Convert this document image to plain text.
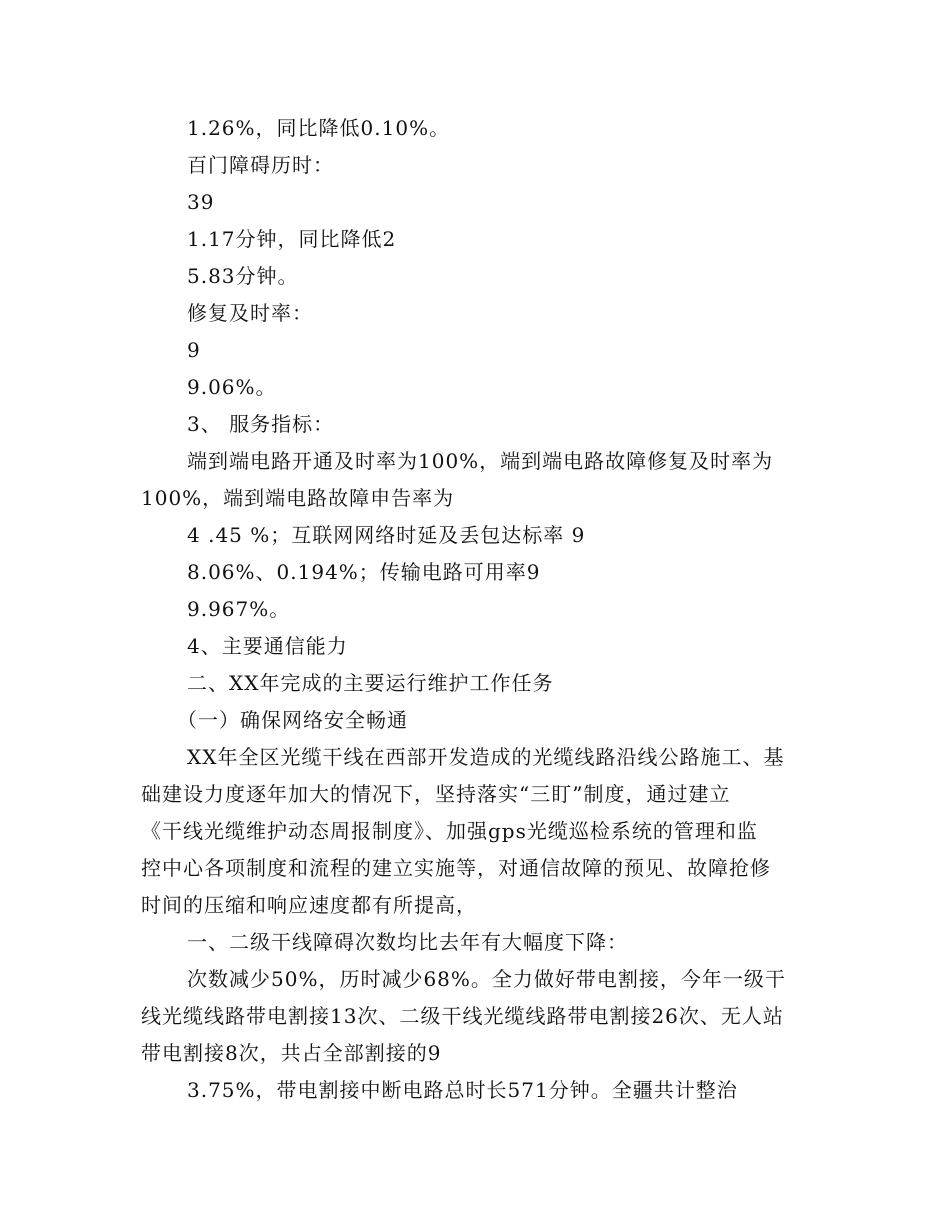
1.26%，同比降低0.10%。
百门障碍历时：
39
1.17分钟，同比降低2
5.83分钟。
修复及时率：
9
9.06%。
3、 服务指标：
端到端电路开通及时率为100%，端到端电路故障修复及时率为
100%，端到端电路故障申告率为
4 .45 %；互联网网络时延及丢包达标率 9
8.06%、0.194%；传输电路可用率9
9.967%。
4、主要通信能力
二、XX年完成的主要运行维护工作任务
（一）确保网络安全畅通
XX年全区光缆干线在西部开发造成的光缆线路沿线公路施工、基
础建设力度逐年加大的情况下，坚持落实“三盯”制度，通过建立
《干线光缆维护动态周报制度》、加强gps光缆巡检系统的管理和监
控中心各项制度和流程的建立实施等，对通信故障的预见、故障抢修
时间的压缩和响应速度都有所提高，
一、二级干线障碍次数均比去年有大幅度下降：
次数减少50%，历时减少68%。全力做好带电割接，今年一级干
线光缆线路带电割接13次、二级干线光缆线路带电割接26次、无人站
带电割接8次，共占全部割接的9
3.75%，带电割接中断电路总时长571分钟。全疆共计整治
